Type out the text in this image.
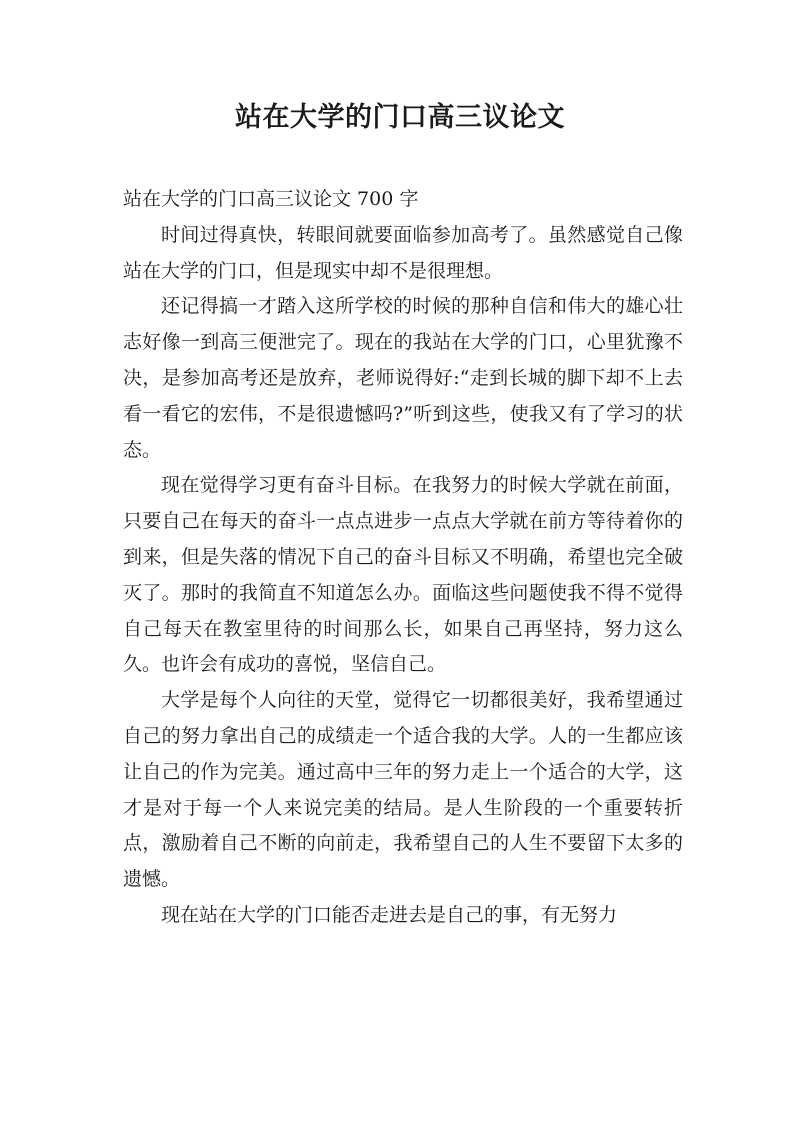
站在大学的门口高三议论文

站在大学的门口高三议论文 700 字

时间过得真快，转眼间就要面临参加高考了。虽然感觉自己像站在大学的门口，但是现实中却不是很理想。

还记得搞一才踏入这所学校的时候的那种自信和伟大的雄心壮志好像一到高三便泄完了。现在的我站在大学的门口，心里犹豫不决，是参加高考还是放弃，老师说得好:“走到长城的脚下却不上去看一看它的宏伟，不是很遗憾吗?”听到这些，使我又有了学习的状态。

现在觉得学习更有奋斗目标。在我努力的时候大学就在前面，只要自己在每天的奋斗一点点进步一点点大学就在前方等待着你的到来，但是失落的情况下自己的奋斗目标又不明确，希望也完全破灭了。那时的我简直不知道怎么办。面临这些问题使我不得不觉得自己每天在教室里待的时间那么长，如果自己再坚持，努力这么久。也许会有成功的喜悦，坚信自己。

大学是每个人向往的天堂，觉得它一切都很美好，我希望通过自己的努力拿出自己的成绩走一个适合我的大学。人的一生都应该让自己的作为完美。通过高中三年的努力走上一个适合的大学，这才是对于每一个人来说完美的结局。是人生阶段的一个重要转折点，激励着自己不断的向前走，我希望自己的人生不要留下太多的遗憾。

现在站在大学的门口能否走进去是自己的事，有无努力
